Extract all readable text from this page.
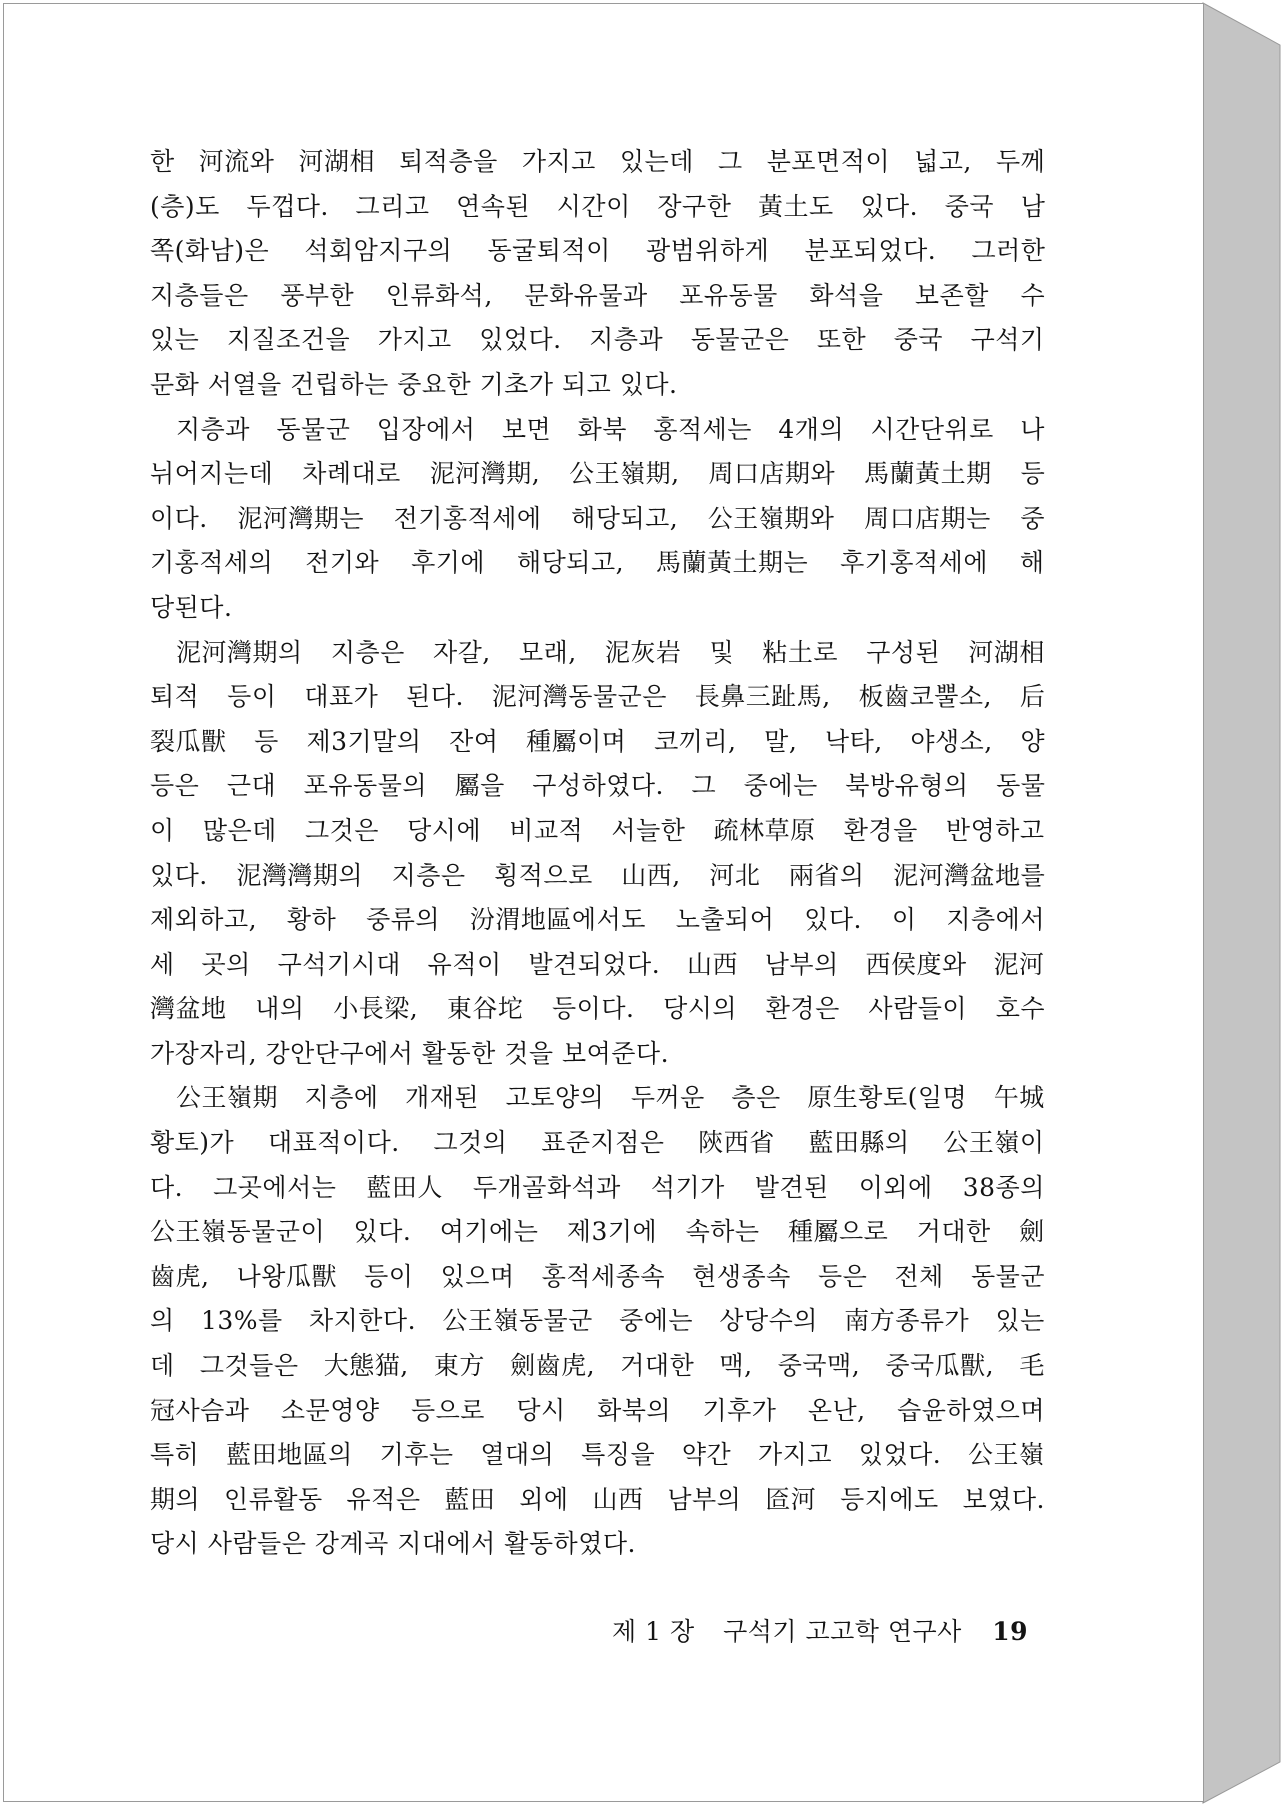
한 河流와 河湖相 퇴적층을 가지고 있는데 그 분포면적이 넓고, 두께
(층)도 두껍다. 그리고 연속된 시간이 장구한 黃土도 있다. 중국 남
쪽(화남)은 석회암지구의 동굴퇴적이 광범위하게 분포되었다. 그러한
지층들은 풍부한 인류화석, 문화유물과 포유동물 화석을 보존할 수
있는 지질조건을 가지고 있었다. 지층과 동물군은 또한 중국 구석기
문화 서열을 건립하는 중요한 기초가 되고 있다.
지층과 동물군 입장에서 보면 화북 홍적세는 4개의 시간단위로 나
뉘어지는데 차례대로 泥河灣期, 公王嶺期, 周口店期와 馬蘭黃土期 등
이다. 泥河灣期는 전기홍적세에 해당되고, 公王嶺期와 周口店期는 중
기홍적세의 전기와 후기에 해당되고, 馬蘭黃土期는 후기홍적세에 해
당된다.
泥河灣期의 지층은 자갈, 모래, 泥灰岩 및 粘土로 구성된 河湖相
퇴적 등이 대표가 된다. 泥河灣동물군은 長鼻三趾馬, 板齒코뿔소, 后
裂瓜獸 등 제3기말의 잔여 種屬이며 코끼리, 말, 낙타, 야생소, 양
등은 근대 포유동물의 屬을 구성하였다. 그 중에는 북방유형의 동물
이 많은데 그것은 당시에 비교적 서늘한 疏林草原 환경을 반영하고
있다. 泥灣灣期의 지층은 횡적으로 山西, 河北 兩省의 泥河灣盆地를
제외하고, 황하 중류의 汾渭地區에서도 노출되어 있다. 이 지층에서
세 곳의 구석기시대 유적이 발견되었다. 山西 남부의 西侯度와 泥河
灣盆地 내의 小長梁, 東谷坨 등이다. 당시의 환경은 사람들이 호수
가장자리, 강안단구에서 활동한 것을 보여준다.
公王嶺期 지층에 개재된 고토양의 두꺼운 층은 原生황토(일명 午城
황토)가 대표적이다. 그것의 표준지점은 陝西省 藍田縣의 公王嶺이
다. 그곳에서는 藍田人 두개골화석과 석기가 발견된 이외에 38종의
公王嶺동물군이 있다. 여기에는 제3기에 속하는 種屬으로 거대한 劍
齒虎, 나왕瓜獸 등이 있으며 홍적세종속 현생종속 등은 전체 동물군
의 13%를 차지한다. 公王嶺동물군 중에는 상당수의 南方종류가 있는
데 그것들은 大態猫, 東方 劍齒虎, 거대한 맥, 중국맥, 중국瓜獸, 毛
冠사슴과 소문영양 등으로 당시 화북의 기후가 온난, 습윤하였으며
특히 藍田地區의 기후는 열대의 특징을 약간 가지고 있었다. 公王嶺
期의 인류활동 유적은 藍田 외에 山西 남부의 匼河 등지에도 보였다.
당시 사람들은 강계곡 지대에서 활동하였다.
제 1 장 구석기 고고학 연구사 19
